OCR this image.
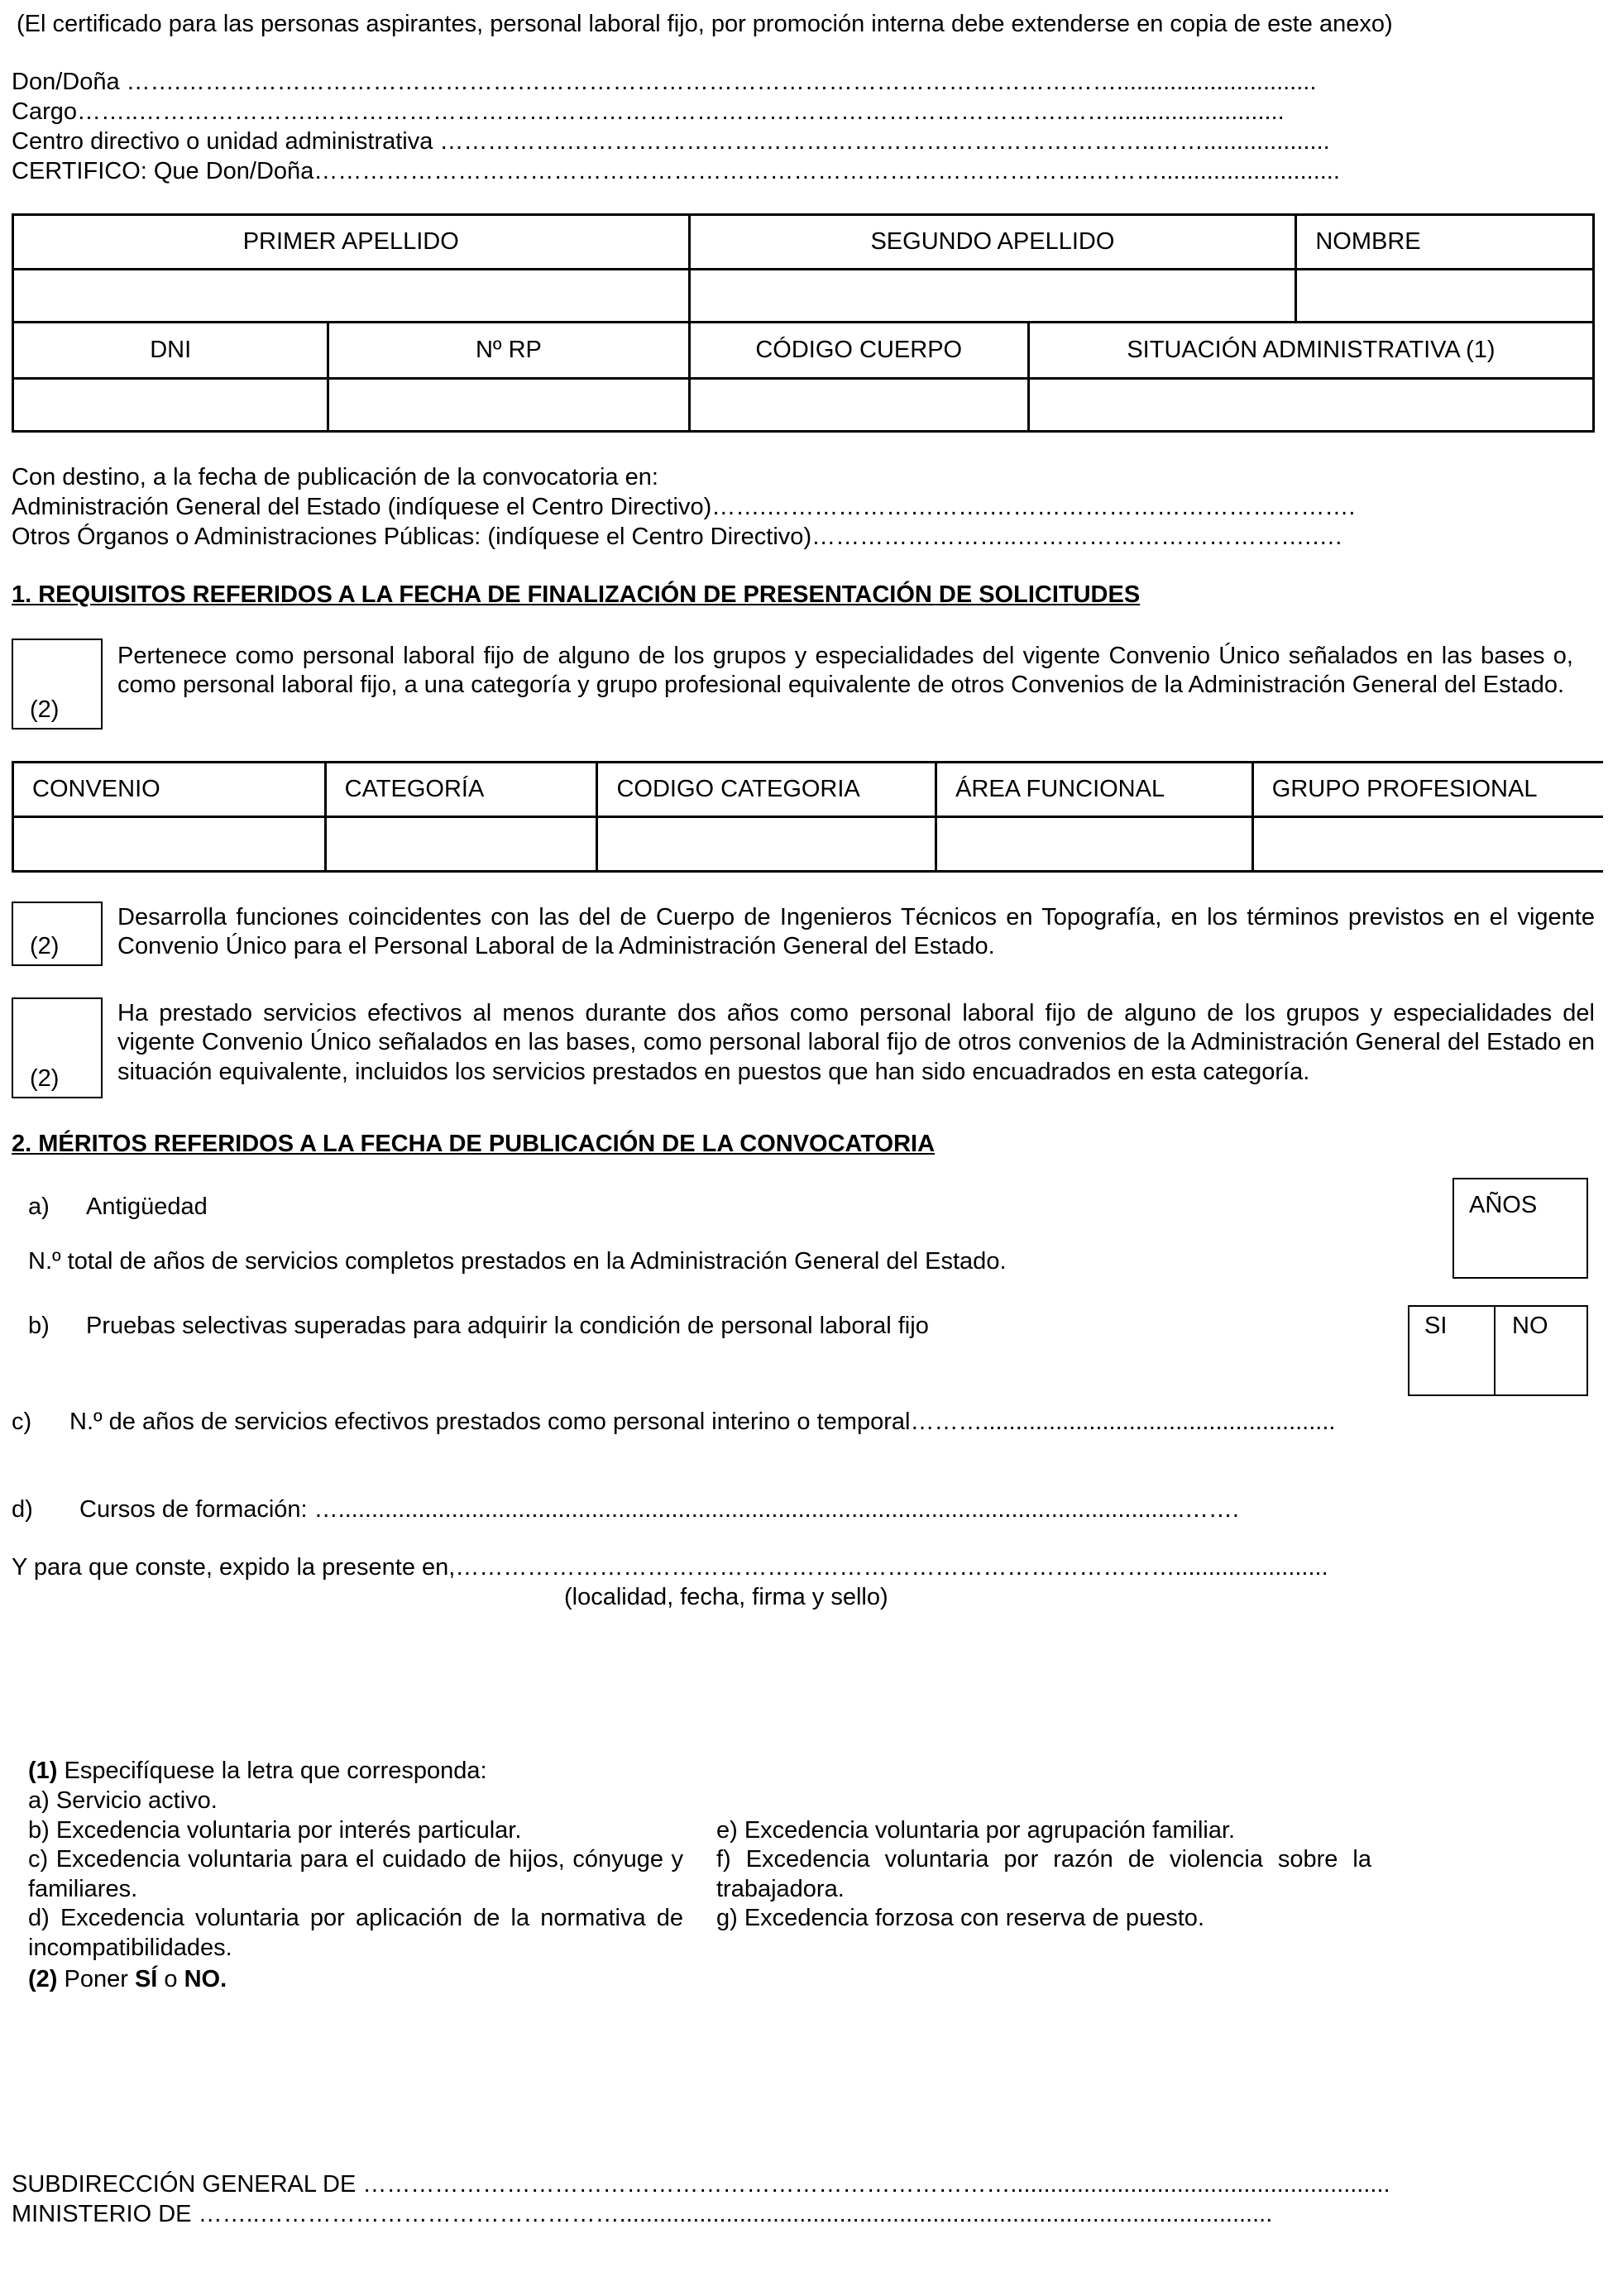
(El certificado para las personas aspirantes, personal laboral fijo, por promoción interna debe extenderse en copia de este anexo)
Don/Doña …….………………………………………………………………………………………………………..............................
Cargo……..………………….………………………………………………………………………………….……..........................
Centro directivo o unidad administrativa …………….………………………………………………………………..……...................
CERTIFICO: Que Don/Doña…………………………………………………………………………………….………...........................
PRIMER APELLIDO		SEGUNDO APELLIDO		NOMBRE

DNI	Nº RP	CÓDIGO CUERPO	SITUACIÓN ADMINISTRATIVA (1)	

Con destino, a la fecha de publicación de la convocatoria en:
Administración General del Estado (indíquese el Centro Directivo)…….……………………….……………………………………….
Otros Órganos o Administraciones Públicas: (indíquese el Centro Directivo)……………………..……………………………….….
1. REQUISITOS REFERIDOS A LA FECHA DE FINALIZACIÓN DE PRESENTACIÓN DE SOLICITUDES
(2)
Pertenece como personal laboral fijo de alguno de los grupos y especialidades del vigente Convenio Único señalados en las bases o, como personal laboral fijo, a una categoría y grupo profesional equivalente de otros Convenios de la Administración General del Estado.
CONVENIO	CATEGORÍA	CODIGO CATEGORIA	ÁREA FUNCIONAL	GRUPO PROFESIONAL

(2)
Desarrolla funciones coincidentes con las del de Cuerpo de Ingenieros Técnicos en Topografía, en los términos previstos en el vigente Convenio Único para el Personal Laboral de la Administración General del Estado.
(2)
Ha prestado servicios efectivos al menos durante dos años como personal laboral fijo de alguno de los grupos y especialidades del vigente Convenio Único señalados en las bases, como personal laboral fijo de otros convenios de la Administración General del Estado en situación equivalente, incluidos los servicios prestados en puestos que han sido encuadrados en esta categoría.
2. MÉRITOS REFERIDOS A LA FECHA DE PUBLICACIÓN DE LA CONVOCATORIA
a) Antigüedad
N.º total de años de servicios completos prestados en la Administración General del Estado.
AÑOS
b) Pruebas selectivas superadas para adquirir la condición de personal laboral fijo	SI	NO
c) N.º de años de servicios efectivos prestados como personal interino o temporal……….....................................................
d) Cursos de formación: …...............................................................................................................................…….
Y para que conste, expido la presente en,……………………………………………………………………………….......................
(localidad, fecha, firma y sello)
(1) Especifíquese la letra que corresponda:
a) Servicio activo.
b) Excedencia voluntaria por interés particular.
c) Excedencia voluntaria para el cuidado de hijos, cónyuge y familiares.
d) Excedencia voluntaria por aplicación de la normativa de incompatibilidades.
e) Excedencia voluntaria por agrupación familiar.
f) Excedencia voluntaria por razón de violencia sobre la trabajadora.
g) Excedencia forzosa con reserva de puesto.
(2) Poner SÍ o NO.
SUBDIRECCIÓN GENERAL DE ……………………………………………………………………….........................................................
MINISTERIO DE ……..………………………………………..................................................................................................
